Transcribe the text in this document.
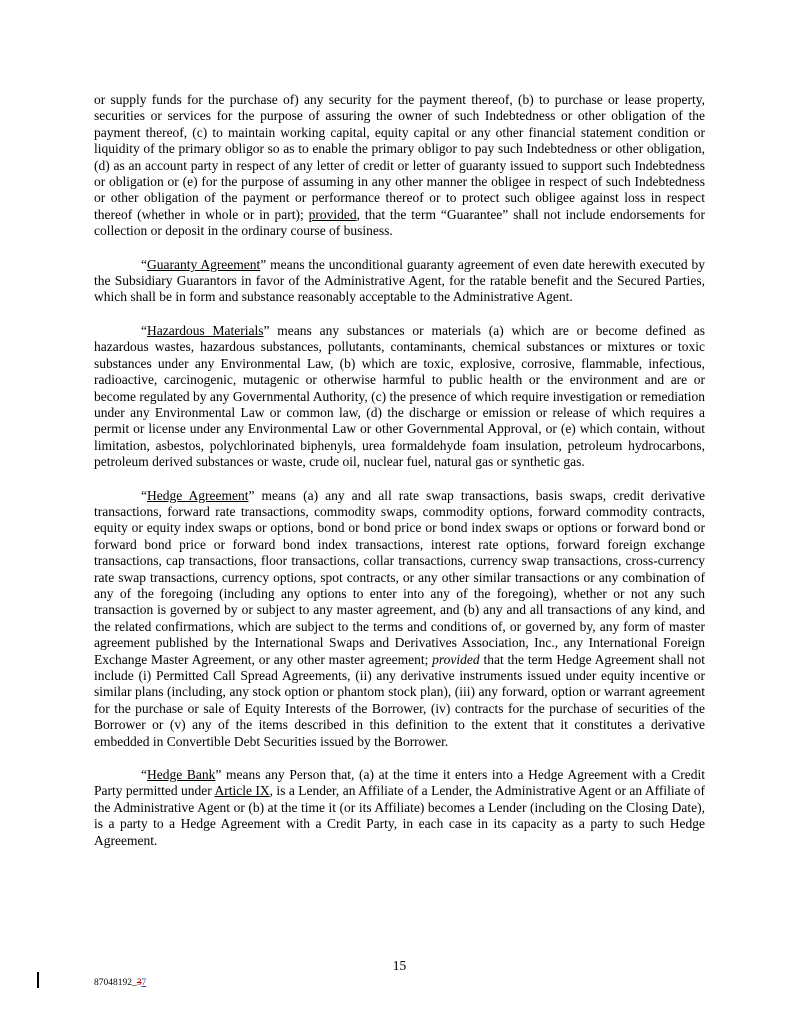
or supply funds for the purchase of) any security for the payment thereof, (b) to purchase or lease property, securities or services for the purpose of assuring the owner of such Indebtedness or other obligation of the payment thereof, (c) to maintain working capital, equity capital or any other financial statement condition or liquidity of the primary obligor so as to enable the primary obligor to pay such Indebtedness or other obligation, (d) as an account party in respect of any letter of credit or letter of guaranty issued to support such Indebtedness or obligation or (e) for the purpose of assuming in any other manner the obligee in respect of such Indebtedness or other obligation of the payment or performance thereof or to protect such obligee against loss in respect thereof (whether in whole or in part); provided, that the term “Guarantee” shall not include endorsements for collection or deposit in the ordinary course of business.

“Guaranty Agreement” means the unconditional guaranty agreement of even date herewith executed by the Subsidiary Guarantors in favor of the Administrative Agent, for the ratable benefit and the Secured Parties, which shall be in form and substance reasonably acceptable to the Administrative Agent.

“Hazardous Materials” means any substances or materials (a) which are or become defined as hazardous wastes, hazardous substances, pollutants, contaminants, chemical substances or mixtures or toxic substances under any Environmental Law, (b) which are toxic, explosive, corrosive, flammable, infectious, radioactive, carcinogenic, mutagenic or otherwise harmful to public health or the environment and are or become regulated by any Governmental Authority, (c) the presence of which require investigation or remediation under any Environmental Law or common law, (d) the discharge or emission or release of which requires a permit or license under any Environmental Law or other Governmental Approval, or (e) which contain, without limitation, asbestos, polychlorinated biphenyls, urea formaldehyde foam insulation, petroleum hydrocarbons, petroleum derived substances or waste, crude oil, nuclear fuel, natural gas or synthetic gas.

“Hedge Agreement” means (a) any and all rate swap transactions, basis swaps, credit derivative transactions, forward rate transactions, commodity swaps, commodity options, forward commodity contracts, equity or equity index swaps or options, bond or bond price or bond index swaps or options or forward bond or forward bond price or forward bond index transactions, interest rate options, forward foreign exchange transactions, cap transactions, floor transactions, collar transactions, currency swap transactions, cross-currency rate swap transactions, currency options, spot contracts, or any other similar transactions or any combination of any of the foregoing (including any options to enter into any of the foregoing), whether or not any such transaction is governed by or subject to any master agreement, and (b) any and all transactions of any kind, and the related confirmations, which are subject to the terms and conditions of, or governed by, any form of master agreement published by the International Swaps and Derivatives Association, Inc., any International Foreign Exchange Master Agreement, or any other master agreement; provided that the term Hedge Agreement shall not include (i) Permitted Call Spread Agreements, (ii) any derivative instruments issued under equity incentive or similar plans (including, any stock option or phantom stock plan), (iii) any forward, option or warrant agreement for the purchase or sale of Equity Interests of the Borrower, (iv) contracts for the purchase of securities of the Borrower or (v) any of the items described in this definition to the extent that it constitutes a derivative embedded in Convertible Debt Securities issued by the Borrower.

“Hedge Bank” means any Person that, (a) at the time it enters into a Hedge Agreement with a Credit Party permitted under Article IX, is a Lender, an Affiliate of a Lender, the Administrative Agent or an Affiliate of the Administrative Agent or (b) at the time it (or its Affiliate) becomes a Lender (including on the Closing Date), is a party to a Hedge Agreement with a Credit Party, in each case in its capacity as a party to such Hedge Agreement.

15
87048192_37
